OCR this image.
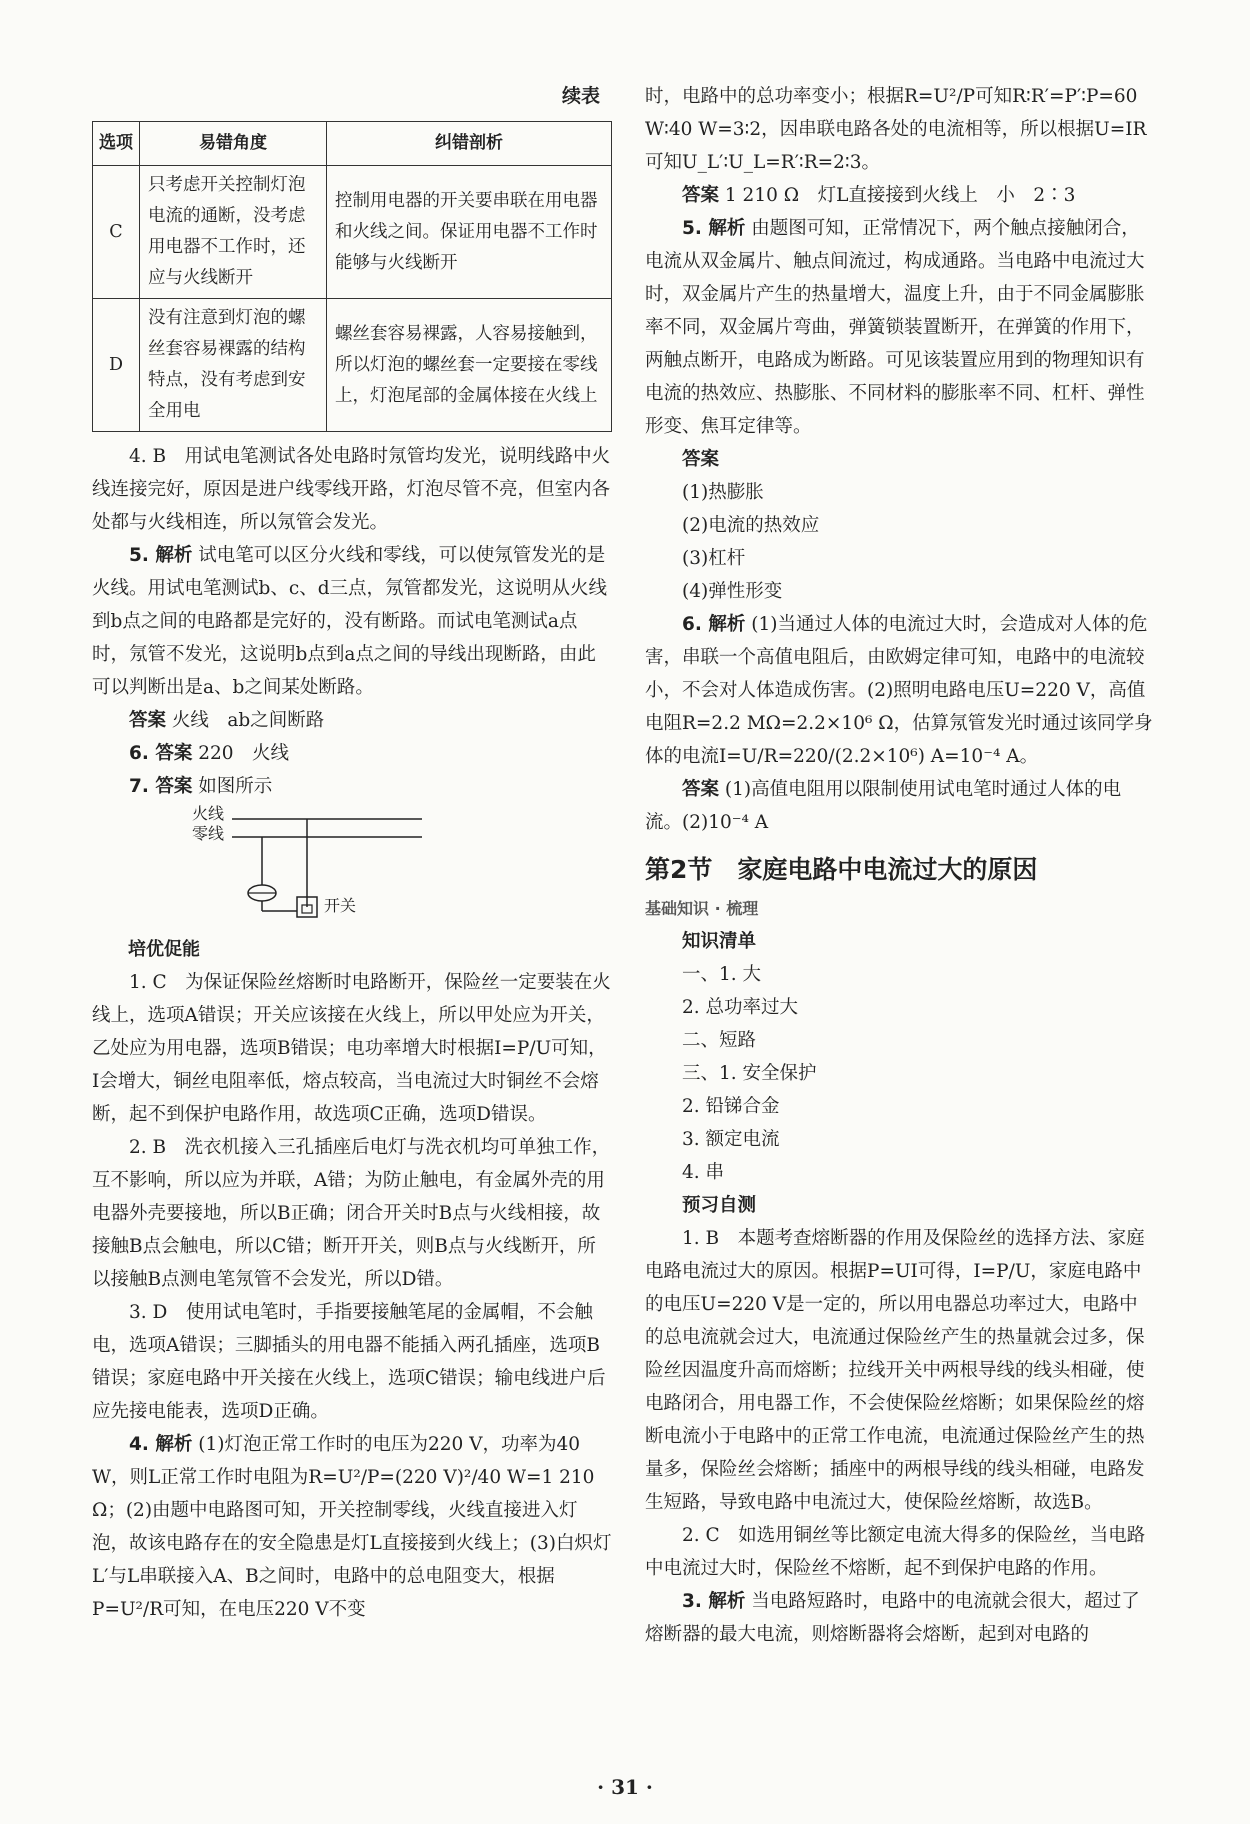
续表
选项	易错角度	纠错剖析
C	只考虑开关控制灯泡电流的通断，没考虑用电器不工作时，还应与火线断开	控制用电器的开关要串联在用电器和火线之间。保证用电器不工作时能够与火线断开
D	没有注意到灯泡的螺丝套容易裸露的结构特点，没有考虑到安全用电	螺丝套容易裸露，人容易接触到，所以灯泡的螺丝套一定要接在零线上，灯泡尾部的金属体接在火线上

4. B　用试电笔测试各处电路时氖管均发光，说明线路中火线连接完好，原因是进户线零线开路，灯泡尽管不亮，但室内各处都与火线相连，所以氖管会发光。

5. 解析 试电笔可以区分火线和零线，可以使氖管发光的是火线。用试电笔测试b、c、d三点，氖管都发光，这说明从火线到b点之间的电路都是完好的，没有断路。而试电笔测试a点时，氖管不发光，这说明b点到a点之间的导线出现断路，由此可以判断出是a、b之间某处断路。

答案 火线　ab之间断路

6. 答案 220　火线

7. 答案 如图所示

火线
零线
开关

培优促能

1. C　为保证保险丝熔断时电路断开，保险丝一定要装在火线上，选项A错误；开关应该接在火线上，所以甲处应为开关，乙处应为用电器，选项B错误；电功率增大时根据I=P/U可知，I会增大，铜丝电阻率低，熔点较高，当电流过大时铜丝不会熔断，起不到保护电路作用，故选项C正确，选项D错误。

2. B　洗衣机接入三孔插座后电灯与洗衣机均可单独工作，互不影响，所以应为并联，A错；为防止触电，有金属外壳的用电器外壳要接地，所以B正确；闭合开关时B点与火线相接，故接触B点会触电，所以C错；断开开关，则B点与火线断开，所以接触B点测电笔氖管不会发光，所以D错。

3. D　使用试电笔时，手指要接触笔尾的金属帽，不会触电，选项A错误；三脚插头的用电器不能插入两孔插座，选项B错误；家庭电路中开关接在火线上，选项C错误；输电线进户后应先接电能表，选项D正确。

4. 解析 (1)灯泡正常工作时的电压为220 V，功率为40 W，则L正常工作时电阻为R=U²/P=(220 V)²/40 W=1 210 Ω；(2)由题中电路图可知，开关控制零线，火线直接进入灯泡，故该电路存在的安全隐患是灯L直接接到火线上；(3)白炽灯L′与L串联接入A、B之间时，电路中的总电阻变大，根据P=U²/R可知，在电压220 V不变

时，电路中的总功率变小；根据R=U²/P可知R∶R′=P′∶P=60 W∶40 W=3∶2，因串联电路各处的电流相等，所以根据U=IR可知U_L′∶U_L=R′∶R=2∶3。

答案 1 210 Ω　灯L直接接到火线上　小　2∶3

5. 解析 由题图可知，正常情况下，两个触点接触闭合，电流从双金属片、触点间流过，构成通路。当电路中电流过大时，双金属片产生的热量增大，温度上升，由于不同金属膨胀率不同，双金属片弯曲，弹簧锁装置断开，在弹簧的作用下，两触点断开，电路成为断路。可见该装置应用到的物理知识有电流的热效应、热膨胀、不同材料的膨胀率不同、杠杆、弹性形变、焦耳定律等。

答案

(1)热膨胀

(2)电流的热效应

(3)杠杆

(4)弹性形变

6. 解析 (1)当通过人体的电流过大时，会造成对人体的危害，串联一个高值电阻后，由欧姆定律可知，电路中的电流较小，不会对人体造成伤害。(2)照明电路电压U=220 V，高值电阻R=2.2 MΩ=2.2×10⁶ Ω，估算氖管发光时通过该同学身体的电流I=U/R=220/(2.2×10⁶) A=10⁻⁴ A。

答案 (1)高值电阻用以限制使用试电笔时通过人体的电流。(2)10⁻⁴ A

第2节　家庭电路中电流过大的原因
基础知识 · 梳理

知识清单

一、1. 大

2. 总功率过大

二、短路

三、1. 安全保护

2. 铅锑合金

3. 额定电流

4. 串

预习自测

1. B　本题考查熔断器的作用及保险丝的选择方法、家庭电路电流过大的原因。根据P=UI可得，I=P/U，家庭电路中的电压U=220 V是一定的，所以用电器总功率过大，电路中的总电流就会过大，电流通过保险丝产生的热量就会过多，保险丝因温度升高而熔断；拉线开关中两根导线的线头相碰，使电路闭合，用电器工作，不会使保险丝熔断；如果保险丝的熔断电流小于电路中的正常工作电流，电流通过保险丝产生的热量多，保险丝会熔断；插座中的两根导线的线头相碰，电路发生短路，导致电路中电流过大，使保险丝熔断，故选B。

2. C　如选用铜丝等比额定电流大得多的保险丝，当电路中电流过大时，保险丝不熔断，起不到保护电路的作用。

3. 解析 当电路短路时，电路中的电流就会很大，超过了熔断器的最大电流，则熔断器将会熔断，起到对电路的

· 31 ·
